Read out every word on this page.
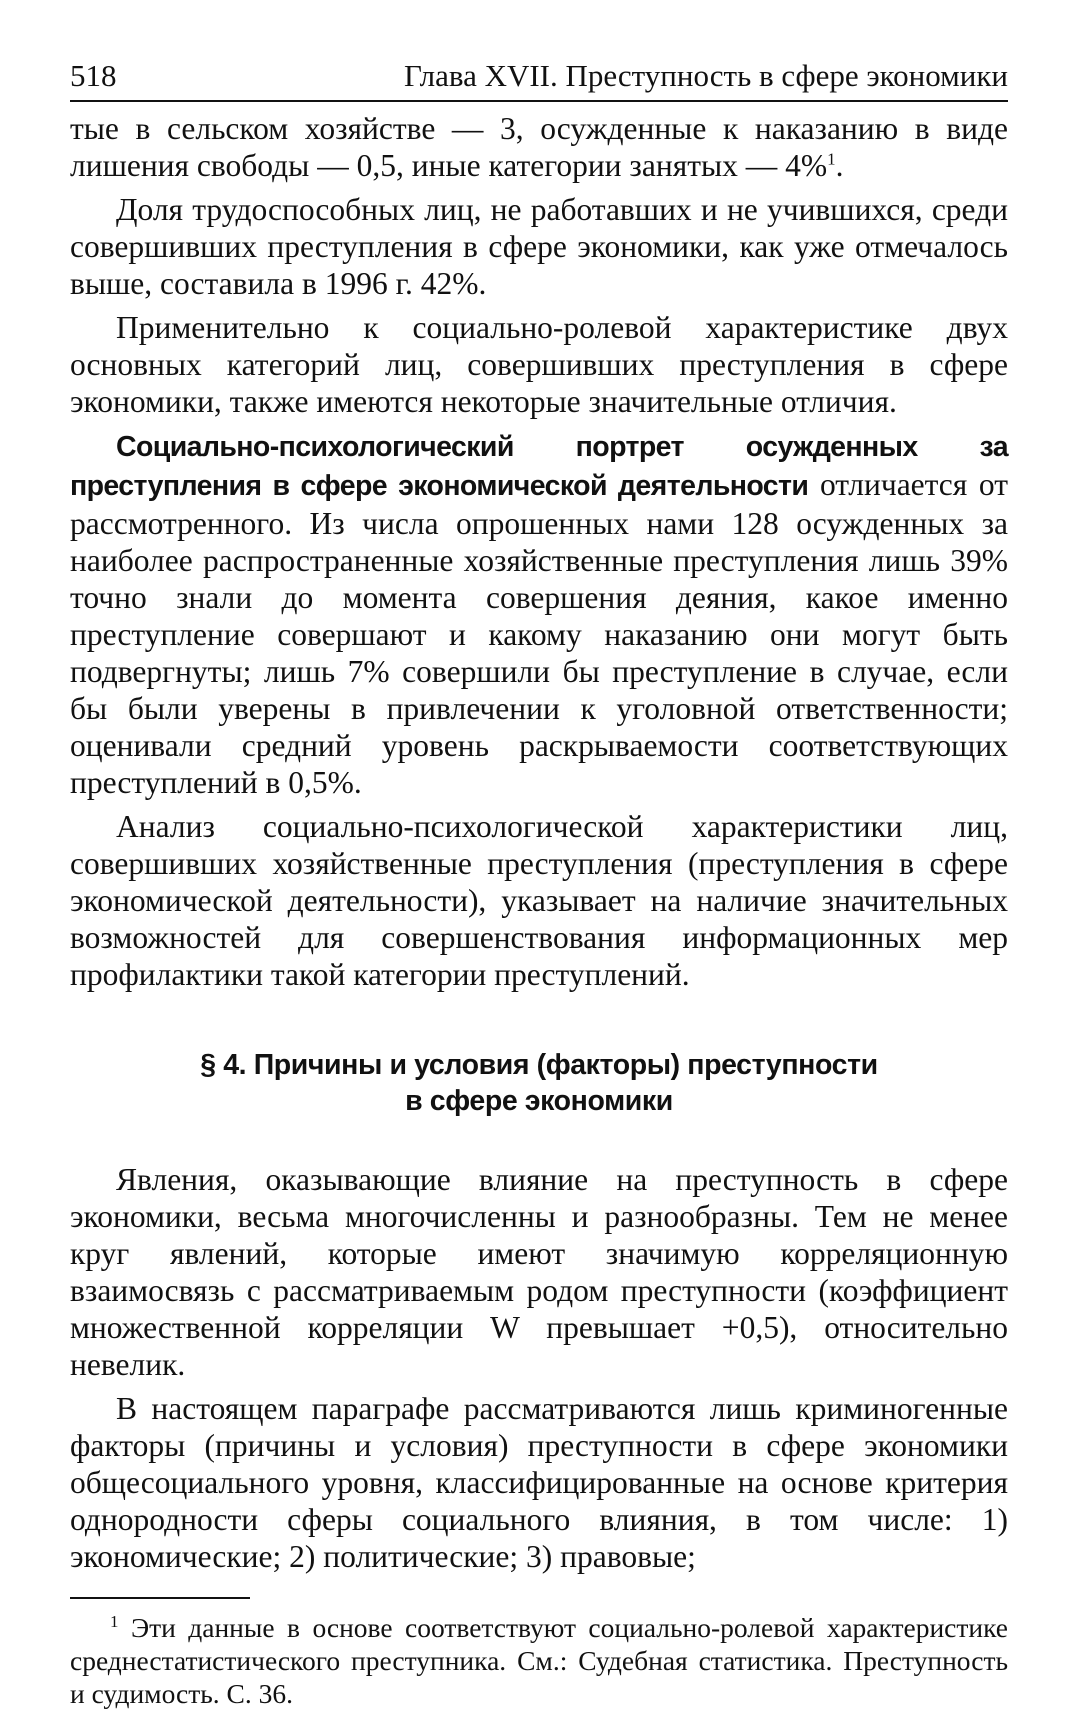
518	Глава XVII. Преступность в сфере экономики

тые в сельском хозяйстве — 3, осужденные к наказанию в виде лишения свободы — 0,5, иные категории занятых — 4%$^1$.

Доля трудоспособных лиц, не работавших и не учившихся, среди совершивших преступления в сфере экономики, как уже отмечалось выше, составила в 1996 г. 42%.

Применительно к социально-ролевой характеристике двух основных категорий лиц, совершивших преступления в сфере экономики, также имеются некоторые значительные отличия.

Социально-психологический портрет осужденных за преступления в сфере экономической деятельности отличается от рассмотренного. Из числа опрошенных нами 128 осужденных за наиболее распространенные хозяйственные преступления лишь 39% точно знали до момента совершения деяния, какое именно преступление совершают и какому наказанию они могут быть подвергнуты; лишь 7% совершили бы преступление в случае, если бы были уверены в привлечении к уголовной ответственности; оценивали средний уровень раскрываемости соответствующих преступлений в 0,5%.

Анализ социально-психологической характеристики лиц, совершивших хозяйственные преступления (преступления в сфере экономической деятельности), указывает на наличие значительных возможностей для совершенствования информационных мер профилактики такой категории преступлений.

§ 4. Причины и условия (факторы) преступности
в сфере экономики

Явления, оказывающие влияние на преступность в сфере экономики, весьма многочисленны и разнообразны. Тем не менее круг явлений, которые имеют значимую корреляционную взаимосвязь с рассматриваемым родом преступности (коэффициент множественной корреляции W превышает +0,5), относительно невелик.

В настоящем параграфе рассматриваются лишь криминогенные факторы (причины и условия) преступности в сфере экономики общесоциального уровня, классифицированные на основе критерия однородности сферы социального влияния, в том числе: 1) экономические; 2) политические; 3) правовые;

$^1$ Эти данные в основе соответствуют социально-ролевой характеристике среднестатистического преступника. См.: Судебная статистика. Преступность и судимость. С. 36.
